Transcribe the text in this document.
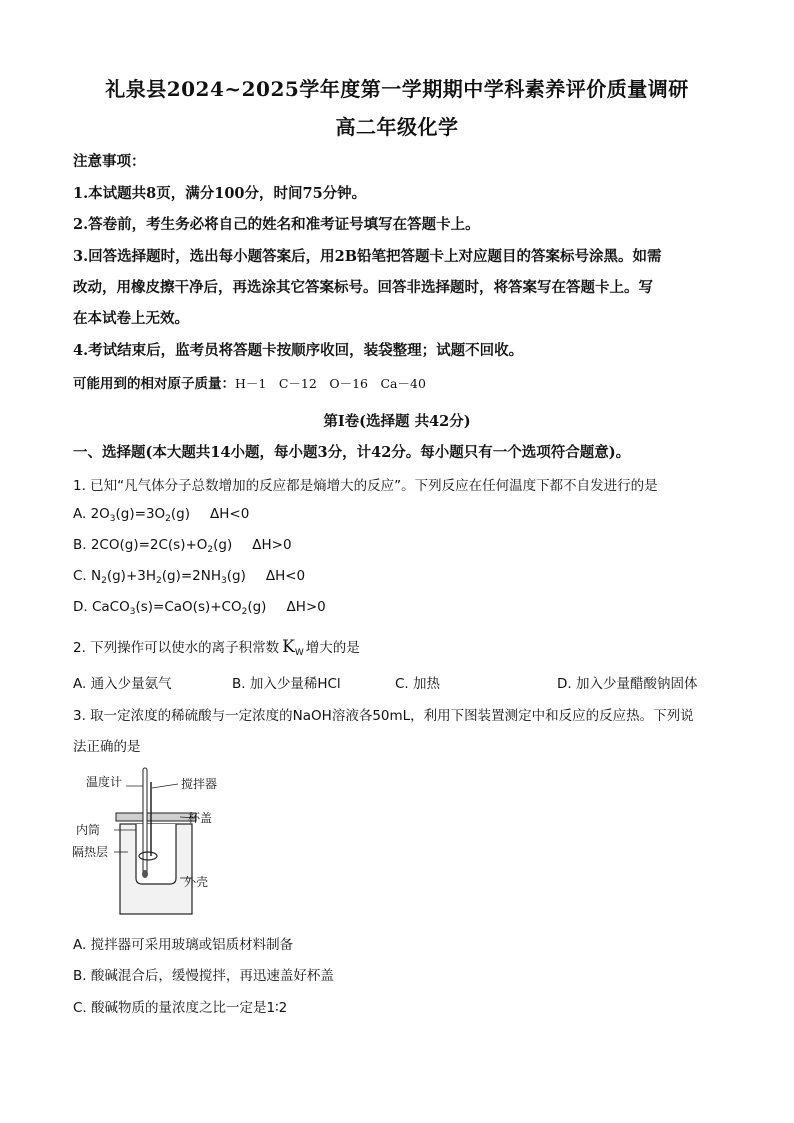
礼泉县2024~2025学年度第一学期期中学科素养评价质量调研
高二年级化学
注意事项：
1.本试题共8页，满分100分，时间75分钟。
2.答卷前，考生务必将自己的姓名和准考证号填写在答题卡上。
3.回答选择题时，选出每小题答案后，用2B铅笔把答题卡上对应题目的答案标号涂黑。如需
改动，用橡皮擦干净后，再选涂其它答案标号。回答非选择题时，将答案写在答题卡上。写
在本试卷上无效。
4.考试结束后，监考员将答题卡按顺序收回，装袋整理；试题不回收。
可能用到的相对原子质量：H－1　C－12　O－16　Ca－40
第Ⅰ卷(选择题 共42分)
一、选择题(本大题共14小题，每小题3分，计42分。每小题只有一个选项符合题意)。
1. 已知“凡气体分子总数增加的反应都是熵增大的反应”。下列反应在任何温度下都不自发进行的是
A. $2O_3(g)=3O_2(g)$ ΔH<0
B. $2CO(g)=2C(s)+O_2(g)$ ΔH>0
C. $N_2(g)+3H_2(g)=2NH_3(g)$ ΔH<0
D. $CaCO_3(s)=CaO(s)+CO_2(g)$ ΔH>0
2. 下列操作可以使水的离子积常数 $K_W$ 增大的是
A. 通入少量氨气	B. 加入少量稀HCl	C. 加热	D. 加入少量醋酸钠固体
3. 取一定浓度的稀硫酸与一定浓度的NaOH溶液各50mL，利用下图装置测定中和反应的反应热。下列说
法正确的是
温度计	搅拌器
杯盖
内筒
隔热层
外壳
A. 搅拌器可采用玻璃或铝质材料制备
B. 酸碱混合后，缓慢搅拌，再迅速盖好杯盖
C. 酸碱物质的量浓度之比一定是1∶2
